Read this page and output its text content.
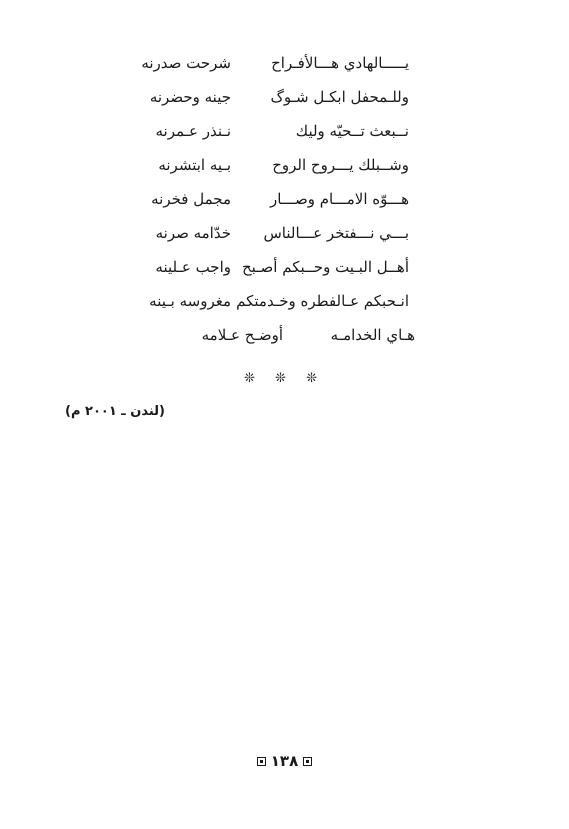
يـــــالهادي هـــالأفـراح
شرحت صدرنه
وللـمحفل ابكـل شـوگ
جينه وحضرنه
نــبعث تــحيّه وليك
نـنذر عـمرنه
وشــبلك يـــروح الروح
بـيه ابتشرنه
هـــوّه الامـــام وصـــار
مجمل فخرنه
بـــي نـــفتخر عـــالناس
خدّامه صرنه
أهــل البـيت وحــبكم أصـبح
واجب عـلينه
انـحبكم عـالفطره وخـدمتكم
مغروسه بـينه
هـاي الخدامـه
أوضـح عـلامه
❊ ❊ ❊
(لندن ـ ٢٠٠١ م)
١٣٨
